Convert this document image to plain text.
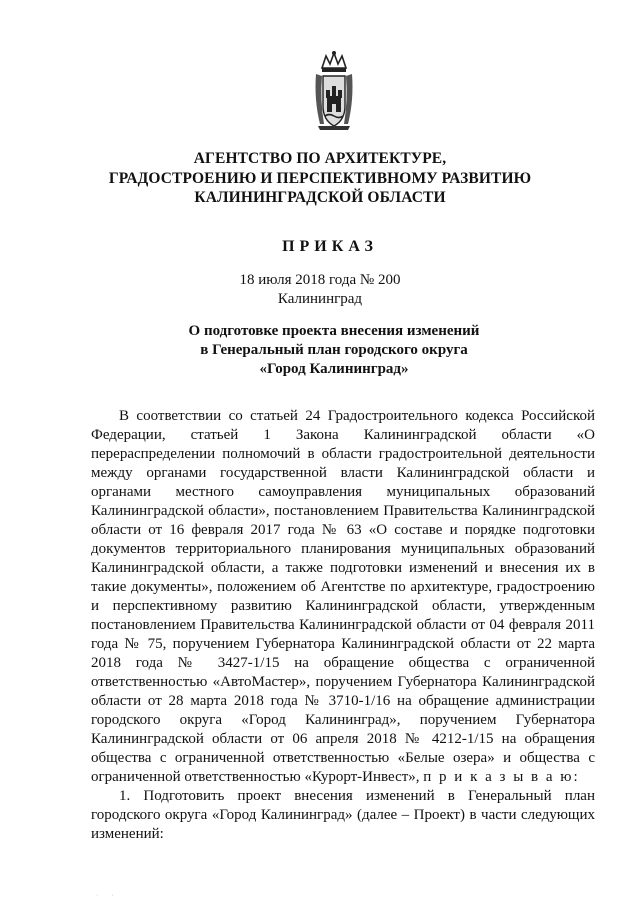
АГЕНТСТВО ПО АРХИТЕКТУРЕ,
ГРАДОСТРОЕНИЮ И ПЕРСПЕКТИВНОМУ РАЗВИТИЮ
КАЛИНИНГРАДСКОЙ ОБЛАСТИ
ПРИКАЗ
18 июля 2018 года № 200
Калининград
О подготовке проекта внесения изменений
в Генеральный план городского округа
«Город Калининград»

В соответствии со статьей 24 Градостроительного кодекса Российской Федерации, статьей 1 Закона Калининградской области «О перераспределении полномочий в области градостроительной деятельности между органами государственной власти Калининградской области и органами местного самоуправления муниципальных образований Калининградской области», постановлением Правительства Калининградской области от 16 февраля 2017 года № 63 «О составе и порядке подготовки документов территориального планирования муниципальных образований Калининградской области, а также подготовки изменений и внесения их в такие документы», положением об Агентстве по архитектуре, градостроению и перспективному развитию Калининградской области, утвержденным постановлением Правительства Калининградской области от 04 февраля 2011 года № 75, поручением Губернатора Калининградской области от 22 марта 2018 года № 3427-1/15 на обращение общества с ограниченной ответственностью «АвтоМастер», поручением Губернатора Калининградской области от 28 марта 2018 года № 3710-1/16 на обращение администрации городского округа «Город Калининград», поручением Губернатора Калининградской области от 06 апреля 2018 № 4212-1/15 на обращения общества с ограниченной ответственностью «Белые озера» и общества с ограниченной ответственностью «Курорт-Инвест», п р и к а з ы в а ю:

1. Подготовить проект внесения изменений в Генеральный план городского округа «Город Калининград» (далее – Проект) в части следующих изменений:

· ·
